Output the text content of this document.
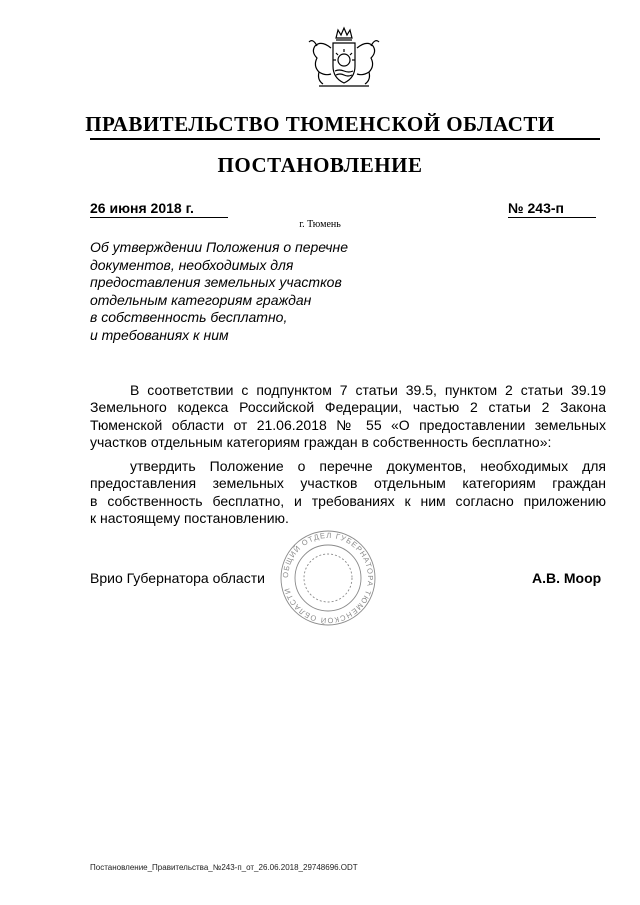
ПРАВИТЕЛЬСТВО ТЮМЕНСКОЙ ОБЛАСТИ
ПОСТАНОВЛЕНИЕ
26 июня 2018 г.	№ 243-п
г. Тюмень
Об утверждении Положения о перечне
документов, необходимых для
предоставления земельных участков
отдельным категориям граждан
в собственность бесплатно,
и требованиях к ним
В соответствии с подпунктом 7 статьи 39.5, пунктом 2 статьи 39.19
Земельного кодекса Российской Федерации, частью 2 статьи 2 Закона
Тюменской области от 21.06.2018 № 55 «О предоставлении земельных
участков отдельным категориям граждан в собственность бесплатно»:
утвердить Положение о перечне документов, необходимых для
предоставления земельных участков отдельным категориям граждан
в собственность бесплатно, и требованиях к ним согласно приложению
к настоящему постановлению.
ОБЩИЙ ОТДЕЛ ГУБЕРНАТОРА ТЮМЕНСКОЙ ОБЛАСТИ
Врио Губернатора области	А.В. Моор
Постановление_Правительства_№243-п_от_26.06.2018_29748696.ODT
